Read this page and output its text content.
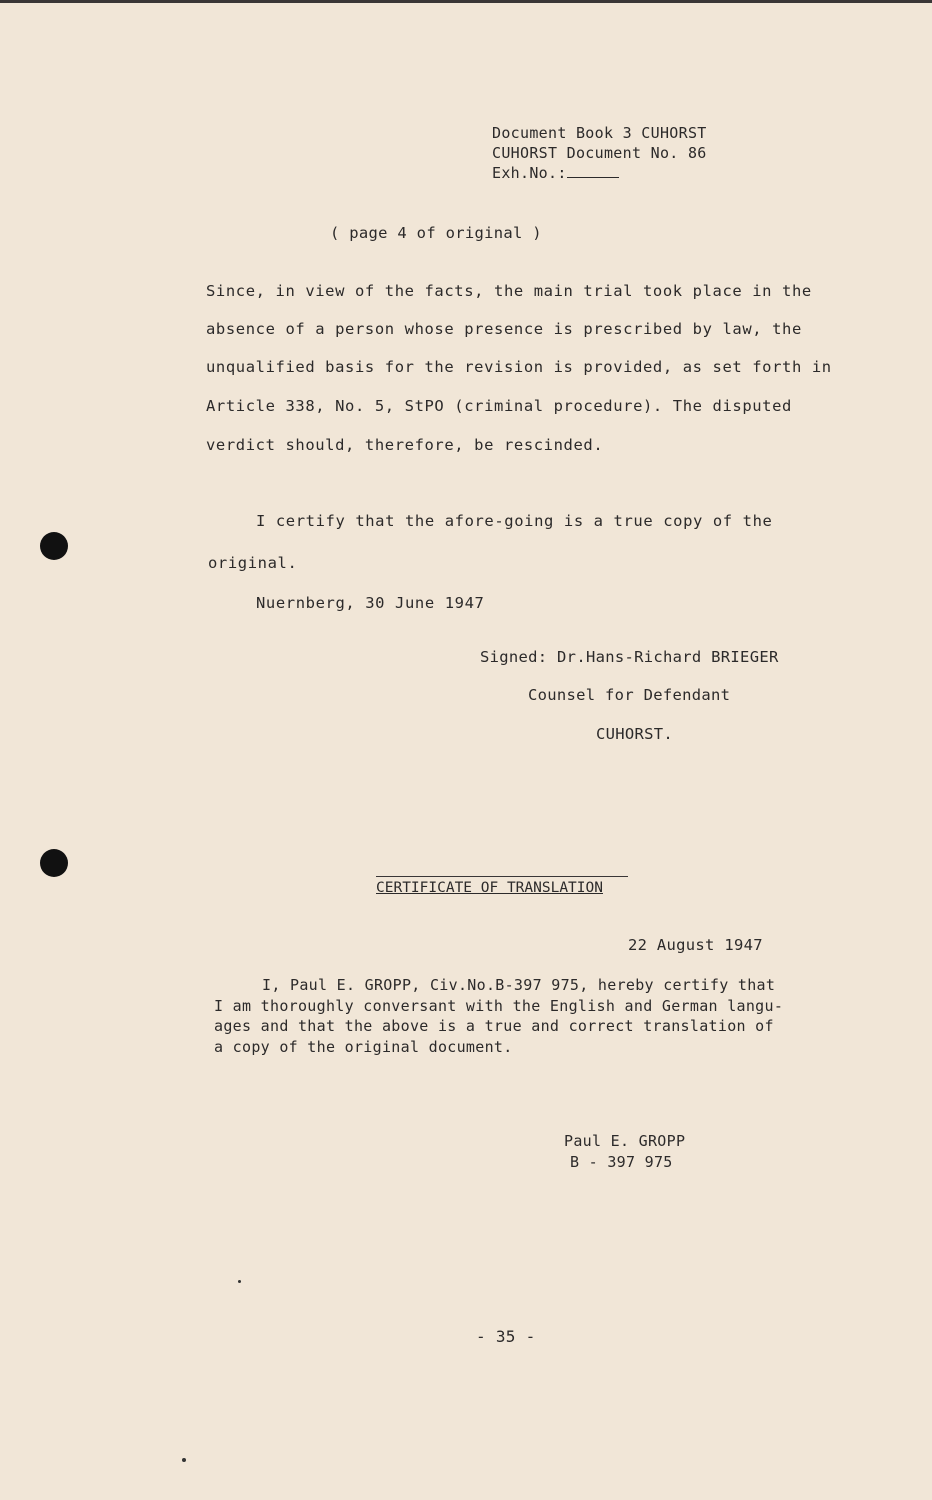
Document Book 3 CUHORST
CUHORST Document No. 86
Exh.No.:
( page 4 of original )
Since, in view of the facts, the main trial took place in the
absence of a person whose presence is prescribed by law, the
unqualified basis for the revision is provided, as set forth in
Article 338, No. 5, StPO (criminal procedure). The disputed
verdict should, therefore, be rescinded.
I certify that the afore-going is a true copy of the
original.
Nuernberg, 30 June 1947
Signed: Dr.Hans-Richard BRIEGER
Counsel for Defendant
CUHORST.
CERTIFICATE OF TRANSLATION
22 August 1947
I, Paul E. GROPP, Civ.No.B-397 975, hereby certify that
I am thoroughly conversant with the English and German langu-
ages and that the above is a true and correct translation of
a copy of the original document.
Paul E. GROPP
B - 397 975
- 35 -
